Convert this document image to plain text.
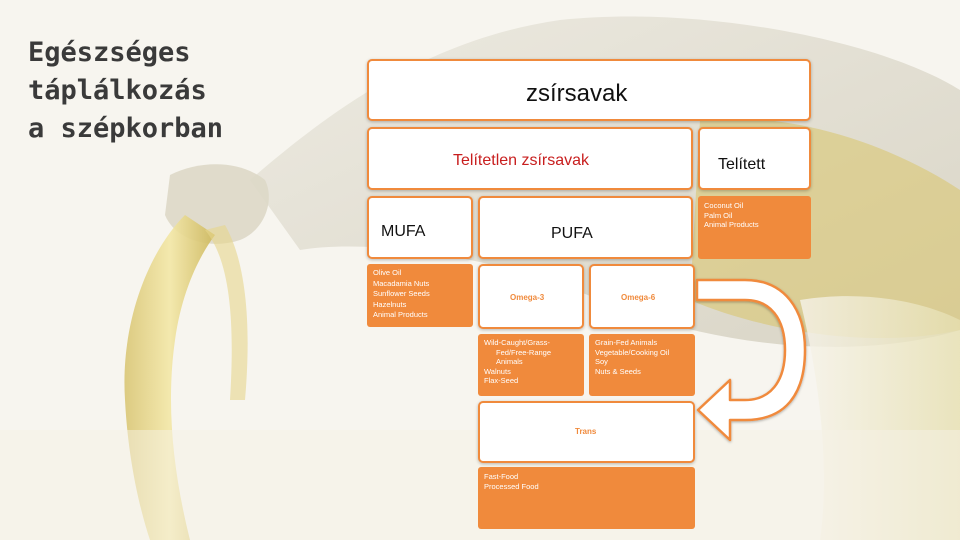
Egészséges
táplálkozás
a szépkorban
zsírsavak
Telítetlen zsírsavak	Telített
MUFA	PUFA
Coconut Oil
Palm Oil
Animal Products
Olive Oil
Macadamia Nuts
Sunflower Seeds
Hazelnuts
Animal Products
Omega-3	Omega-6
Wild-Caught/Grass-
Fed/Free-Range
Animals
Walnuts
Flax-Seed
Grain-Fed Animals
Vegetable/Cooking Oil
Soy
Nuts & Seeds
Trans
Fast-Food
Processed Food
